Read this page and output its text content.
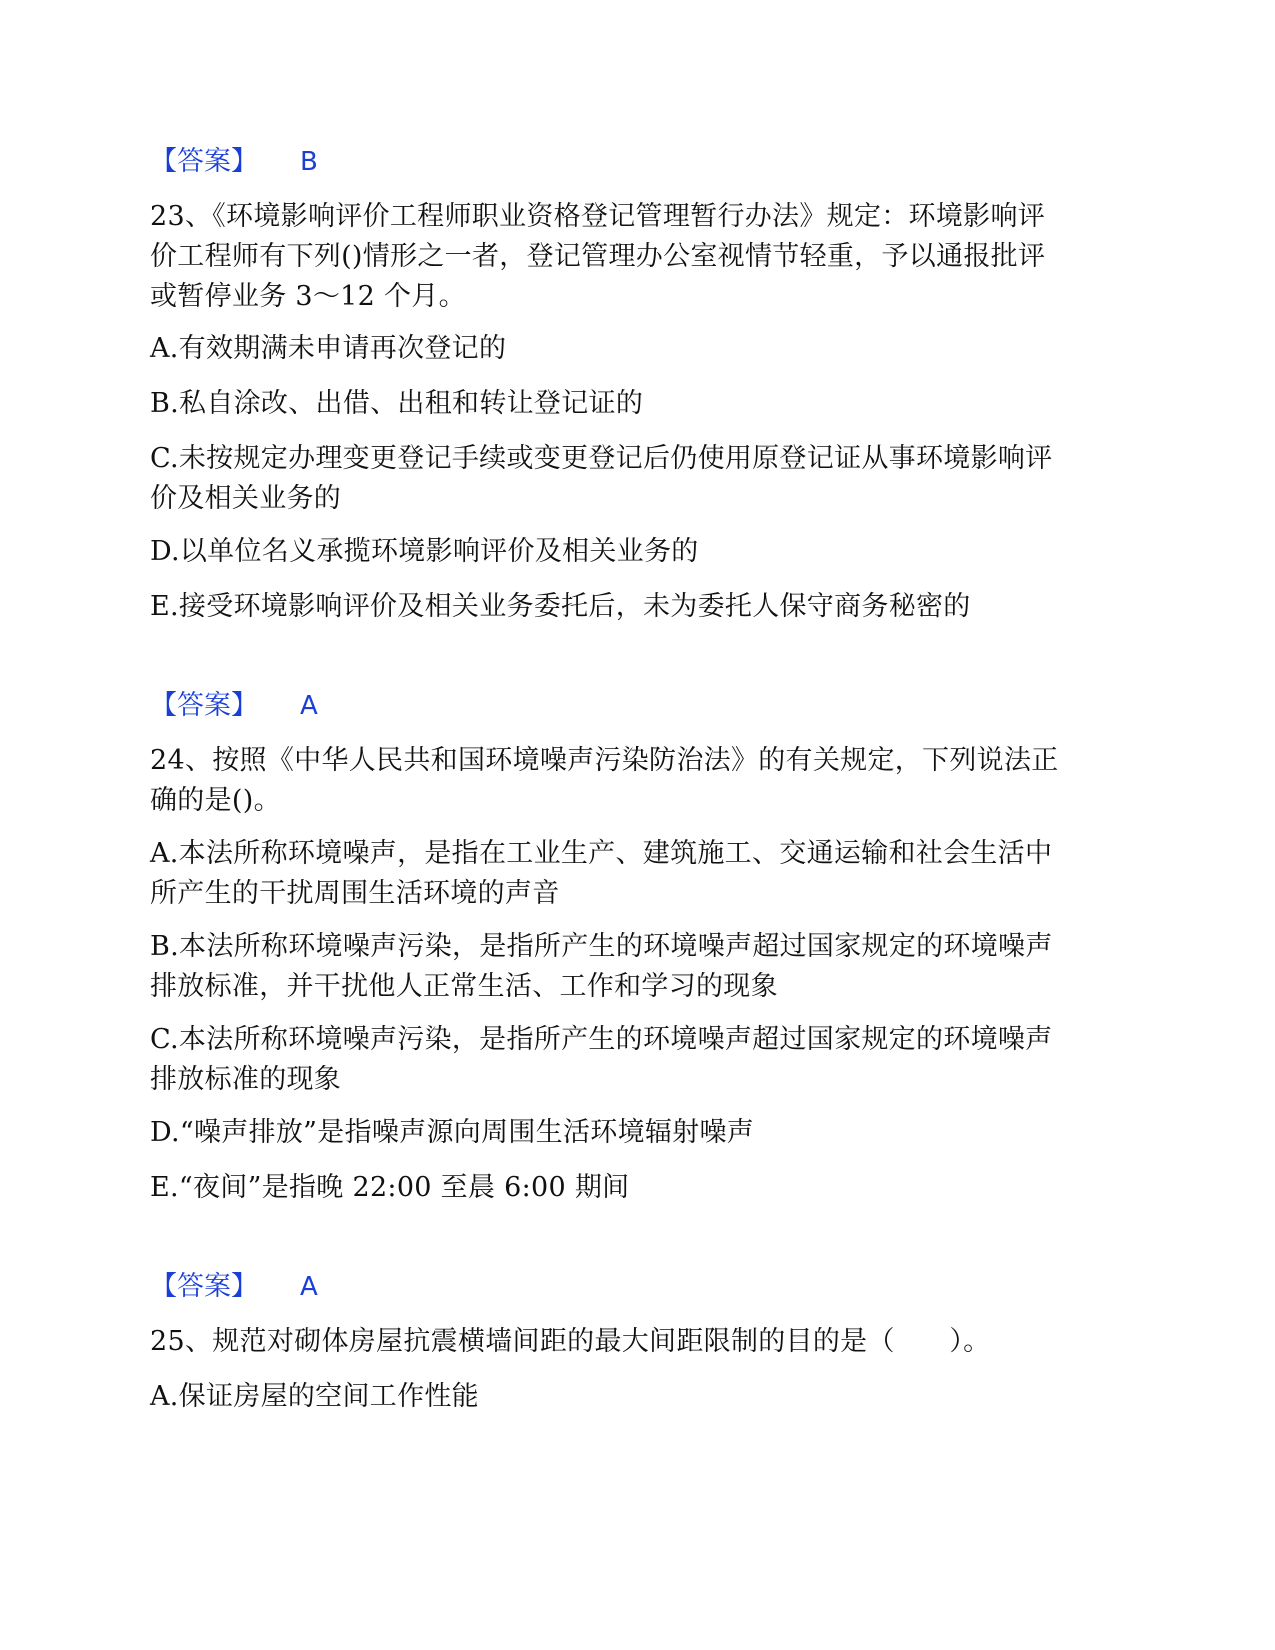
【答案】 B
23、《环境影响评价工程师职业资格登记管理暂行办法》规定：环境影响评
价工程师有下列()情形之一者，登记管理办公室视情节轻重，予以通报批评
或暂停业务 3～12 个月。
A.有效期满未申请再次登记的
B.私自涂改、出借、出租和转让登记证的
C.未按规定办理变更登记手续或变更登记后仍使用原登记证从事环境影响评
价及相关业务的
D.以单位名义承揽环境影响评价及相关业务的
E.接受环境影响评价及相关业务委托后，未为委托人保守商务秘密的
【答案】 A
24、按照《中华人民共和国环境噪声污染防治法》的有关规定，下列说法正
确的是()。
A.本法所称环境噪声，是指在工业生产、建筑施工、交通运输和社会生活中
所产生的干扰周围生活环境的声音
B.本法所称环境噪声污染，是指所产生的环境噪声超过国家规定的环境噪声
排放标准，并干扰他人正常生活、工作和学习的现象
C.本法所称环境噪声污染，是指所产生的环境噪声超过国家规定的环境噪声
排放标准的现象
D.“噪声排放”是指噪声源向周围生活环境辐射噪声
E.“夜间”是指晚 22:00 至晨 6:00 期间
【答案】 A
25、规范对砌体房屋抗震横墙间距的最大间距限制的目的是（　　）。
A.保证房屋的空间工作性能
